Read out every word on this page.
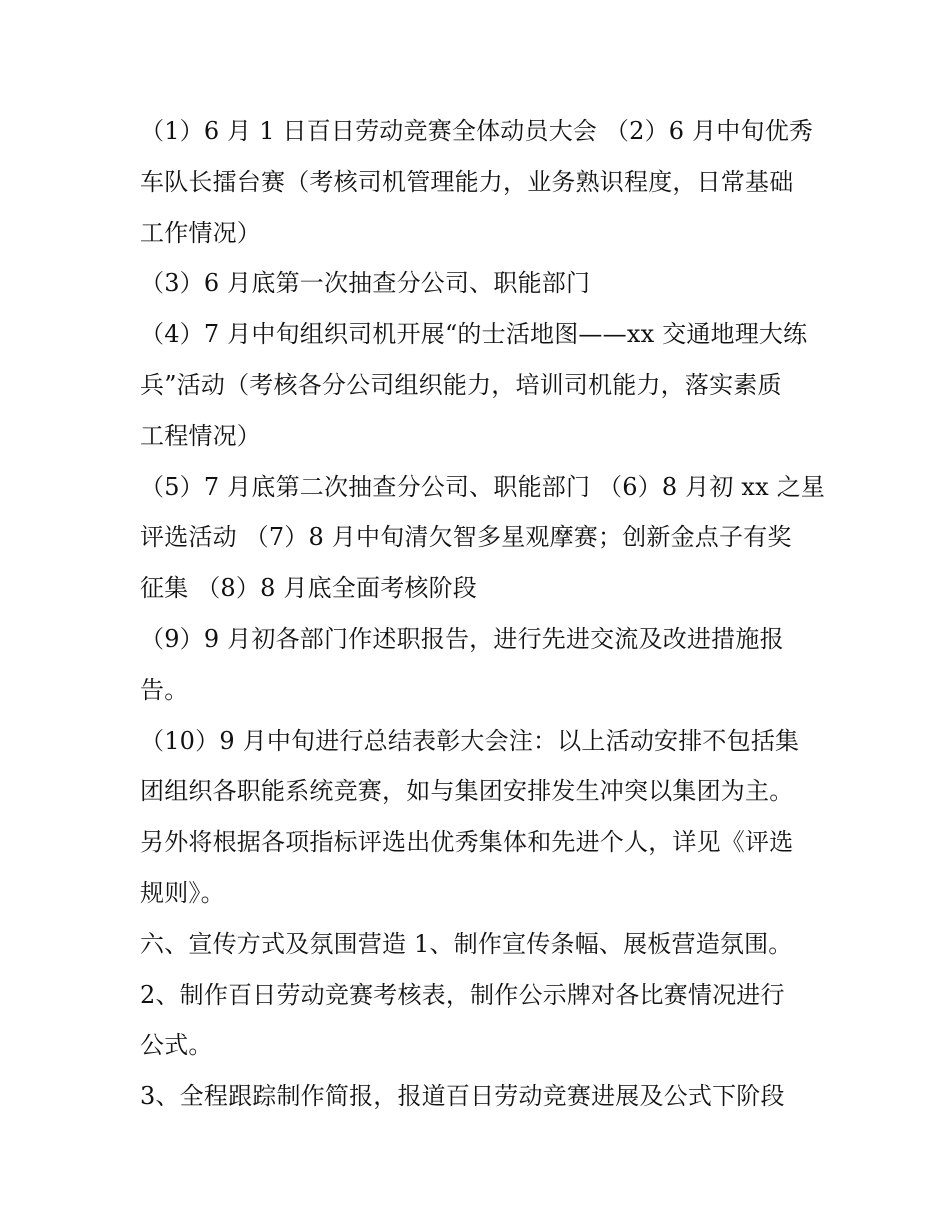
（1）6 月 1 日百日劳动竞赛全体动员大会 （2）6 月中旬优秀
车队长擂台赛（考核司机管理能力，业务熟识程度，日常基础
工作情况）
（3）6 月底第一次抽查分公司、职能部门
（4）7 月中旬组织司机开展“的士活地图——xx 交通地理大练
兵”活动（考核各分公司组织能力，培训司机能力，落实素质
工程情况）
（5）7 月底第二次抽查分公司、职能部门 （6）8 月初 xx 之星
评选活动 （7）8 月中旬清欠智多星观摩赛；创新金点子有奖
征集 （8）8 月底全面考核阶段
（9）9 月初各部门作述职报告，进行先进交流及改进措施报
告。
（10）9 月中旬进行总结表彰大会注：以上活动安排不包括集
团组织各职能系统竞赛，如与集团安排发生冲突以集团为主。
另外将根据各项指标评选出优秀集体和先进个人，详见《评选
规则》。
六、宣传方式及氛围营造 1、制作宣传条幅、展板营造氛围。
2、制作百日劳动竞赛考核表，制作公示牌对各比赛情况进行
公式。
3、全程跟踪制作简报，报道百日劳动竞赛进展及公式下阶段
